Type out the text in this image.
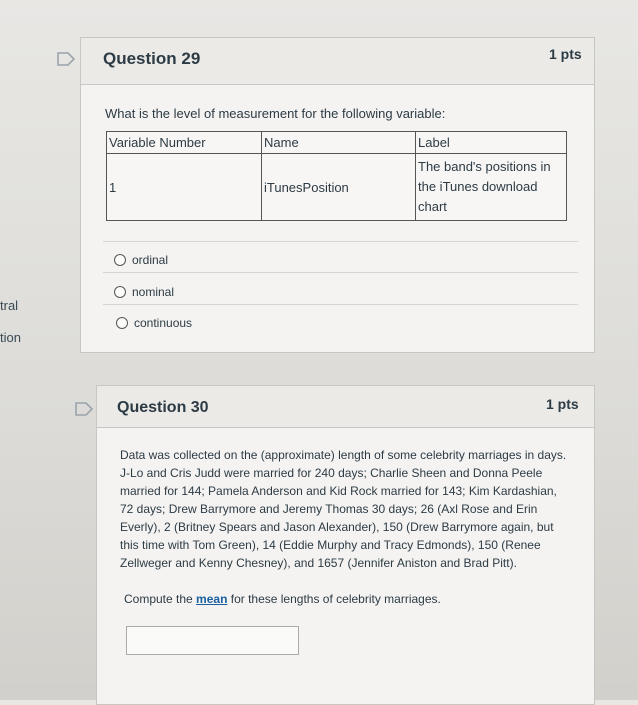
tral
tion
Question 29	1 pts
What is the level of measurement for the following variable:
Variable Number	Name	Label
1	iTunesPosition	The band's positions in the iTunes download chart
ordinal
nominal
continuous
Question 30	1 pts
Data was collected on the (approximate) length of some celebrity marriages in days. J-Lo and Cris Judd were married for 240 days; Charlie Sheen and Donna Peele married for 144; Pamela Anderson and Kid Rock married for 143; Kim Kardashian, 72 days; Drew Barrymore and Jeremy Thomas 30 days; 26 (Axl Rose and Erin Everly), 2 (Britney Spears and Jason Alexander), 150 (Drew Barrymore again, but this time with Tom Green), 14 (Eddie Murphy and Tracy Edmonds), 150 (Renee Zellweger and Kenny Chesney), and 1657 (Jennifer Aniston and Brad Pitt).
Compute the mean for these lengths of celebrity marriages.
